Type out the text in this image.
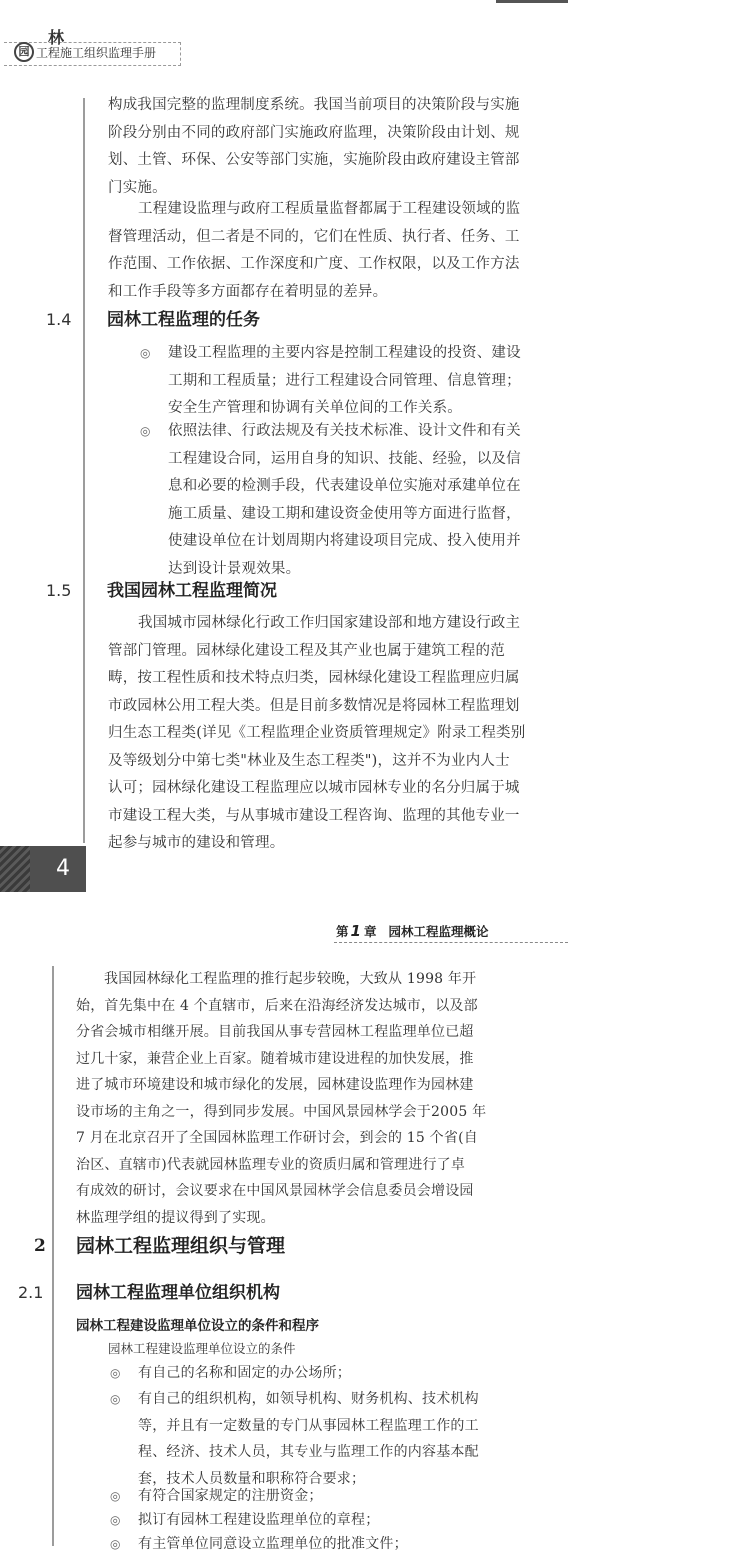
林
园 工程施工组织监理手册
构成我国完整的监理制度系统。我国当前项目的决策阶段与实施
阶段分别由不同的政府部门实施政府监理，决策阶段由计划、规
划、土管、环保、公安等部门实施，实施阶段由政府建设主管部
门实施。
工程建设监理与政府工程质量监督都属于工程建设领域的监
督管理活动，但二者是不同的，它们在性质、执行者、任务、工
作范围、工作依据、工作深度和广度、工作权限，以及工作方法
和工作手段等多方面都存在着明显的差异。
1.4 园林工程监理的任务
◎ 建设工程监理的主要内容是控制工程建设的投资、建设
工期和工程质量；进行工程建设合同管理、信息管理；
安全生产管理和协调有关单位间的工作关系。
◎ 依照法律、行政法规及有关技术标准、设计文件和有关
工程建设合同，运用自身的知识、技能、经验，以及信
息和必要的检测手段，代表建设单位实施对承建单位在
施工质量、建设工期和建设资金使用等方面进行监督，
使建设单位在计划周期内将建设项目完成、投入使用并
达到设计景观效果。
1.5 我国园林工程监理简况
我国城市园林绿化行政工作归国家建设部和地方建设行政主
管部门管理。园林绿化建设工程及其产业也属于建筑工程的范
畴，按工程性质和技术特点归类，园林绿化建设工程监理应归属
市政园林公用工程大类。但是目前多数情况是将园林工程监理划
归生态工程类(详见《工程监理企业资质管理规定》附录工程类别
及等级划分中第七类"林业及生态工程类")，这并不为业内人士
认可；园林绿化建设工程监理应以城市园林专业的名分归属于城
市建设工程大类，与从事城市建设工程咨询、监理的其他专业一
起参与城市的建设和管理。
4
第 1 章 园林工程监理概论
我国园林绿化工程监理的推行起步较晚，大致从 1998 年开
始，首先集中在 4 个直辖市，后来在沿海经济发达城市，以及部
分省会城市相继开展。目前我国从事专营园林工程监理单位已超
过几十家，兼营企业上百家。随着城市建设进程的加快发展，推
进了城市环境建设和城市绿化的发展，园林建设监理作为园林建
设市场的主角之一，得到同步发展。中国风景园林学会于2005 年
7 月在北京召开了全国园林监理工作研讨会，到会的 15 个省(自
治区、直辖市)代表就园林监理专业的资质归属和管理进行了卓
有成效的研讨，会议要求在中国风景园林学会信息委员会增设园
林监理学组的提议得到了实现。
2 园林工程监理组织与管理
2.1 园林工程监理单位组织机构
园林工程建设监理单位设立的条件和程序
园林工程建设监理单位设立的条件
◎ 有自己的名称和固定的办公场所；
◎ 有自己的组织机构，如领导机构、财务机构、技术机构
等，并且有一定数量的专门从事园林工程监理工作的工
程、经济、技术人员，其专业与监理工作的内容基本配
套，技术人员数量和职称符合要求；
◎ 有符合国家规定的注册资金；
◎ 拟订有园林工程建设监理单位的章程；
◎ 有主管单位同意设立监理单位的批准文件；
